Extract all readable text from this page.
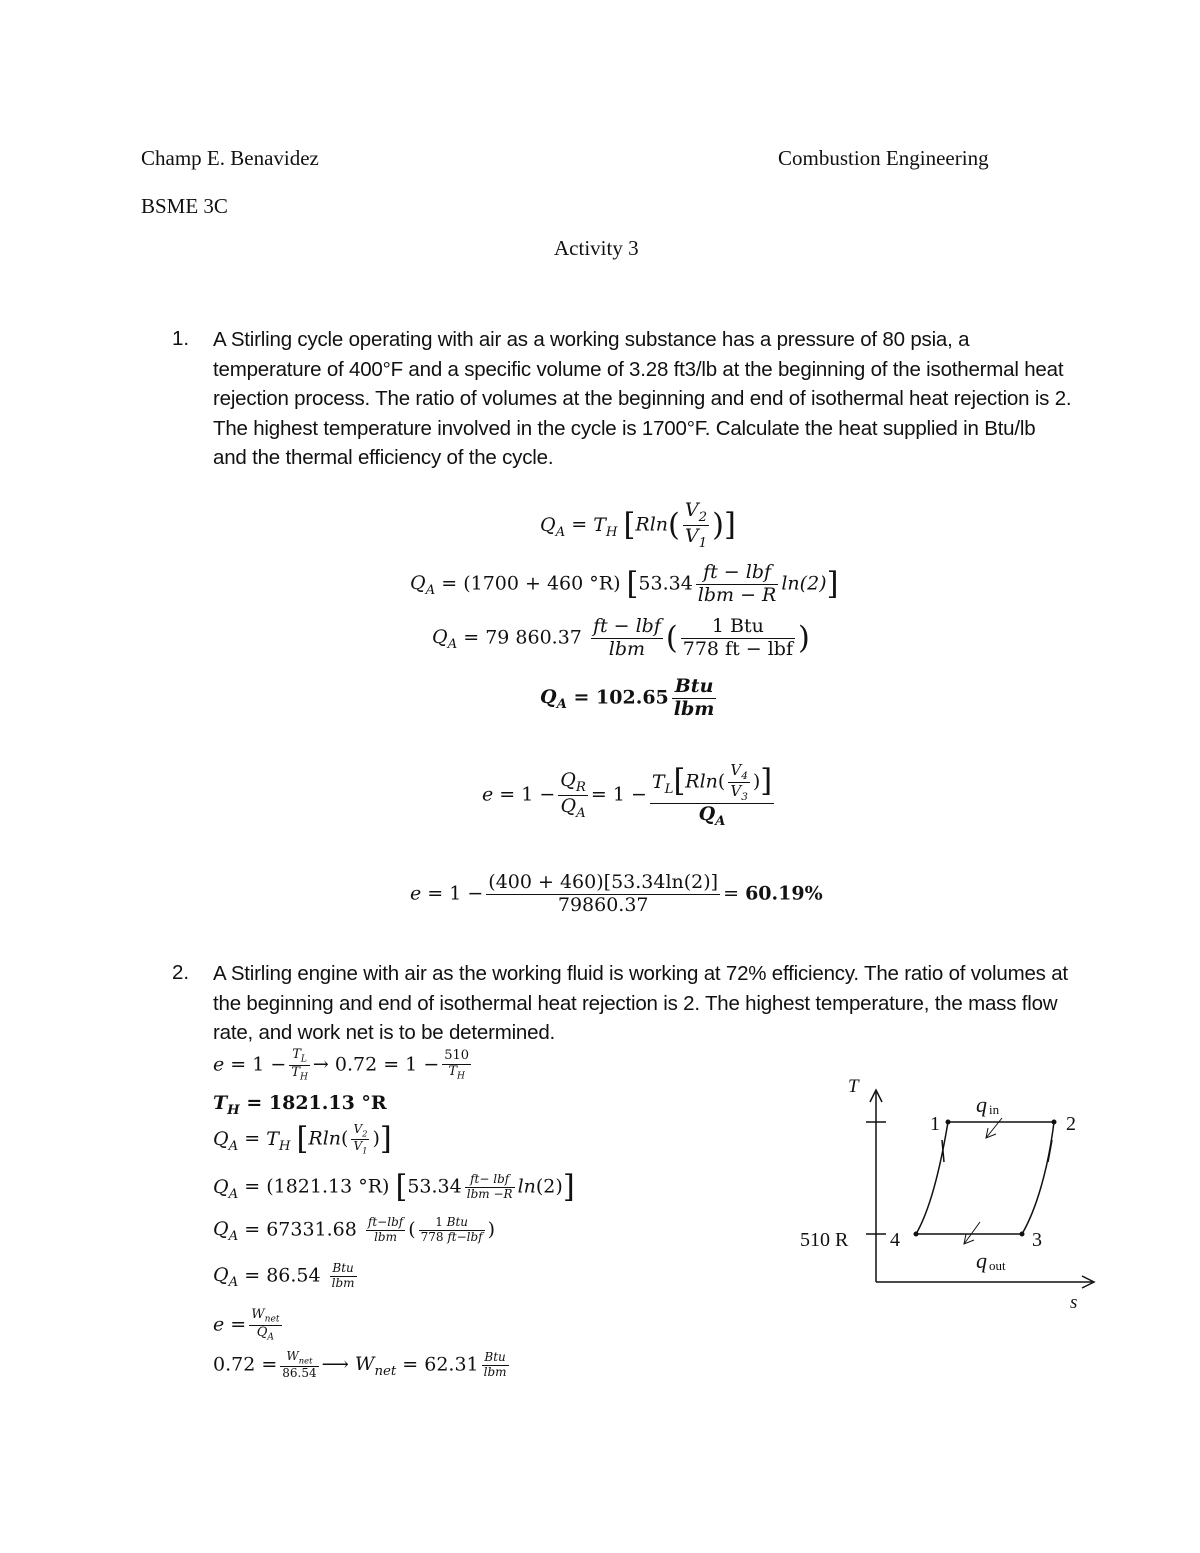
Champ E. Benavidez	Combustion Engineering
BSME 3C
Activity 3
1. A Stirling cycle operating with air as a working substance has a pressure of 80 psia, a temperature of 400°F and a specific volume of 3.28 ft3/lb at the beginning of the isothermal heat rejection process. The ratio of volumes at the beginning and end of isothermal heat rejection is 2. The highest temperature involved in the cycle is 1700°F. Calculate the heat supplied in Btu/lb and the thermal efficiency of the cycle.
$Q_A = T_H$ [$Rln( \frac{V_2}{V_1}$ )]
$Q_A = (1700 + 460$ °R) $[53.34 \frac{\text{ft − lbf}}{\text{lbm − R}} \ln(2)]$
$Q_A = 79$ $860.37 \frac{\text{ft − lbf}}{\text{lbm}}$ ( $\frac{\text{1 Btu}}{\text{778 ft − lbf}}$ )
$Q_A = 102.65 \frac{\text{Btu}}{\text{lbm}}$
$e = 1 - \frac{Q_R}{Q_A} = 1 - \frac{T_L[Rln( \frac{V_4}{V_3} )]}{Q_A}$
$e = 1 - \frac{(400 + 460)[53.34\ln(2)]}{79860.37} = 60.19\%$
2. A Stirling engine with air as the working fluid is working at 72% efficiency. The ratio of volumes at the beginning and end of isothermal heat rejection is 2. The highest temperature, the mass flow rate, and work net is to be determined.
$e = 1 - \frac{T_L}{T_H} \to 0.72 = 1 - \frac{510}{T_H}$
$T_H = 1821.13$ °R
$Q_A = T_H$ [$Rln( \frac{V_2}{V_1}$ )]
$Q_A = (1821.13$ °R) $[53.34 \frac{\text{ft− lbf}}{\text{lbm −R}} \ln(2)]$
$Q_A = 67331.68 \frac{\text{ft−lbf}}{\text{lbm}}$ ( $\frac{\text{1 Btu}}{\text{778 ft−lbf}}$ )
$Q_A = 86.54 \frac{\text{Btu}}{\text{lbm}}$
$e = \frac{W_{net}}{Q_A}$
$0.72 = \frac{W_{net}}{86.54}$ ⟶ $W_{net} = 62.31 \frac{\text{Btu}}{\text{lbm}}$
T
s
1	2
3
4
510 R
q in
q out
